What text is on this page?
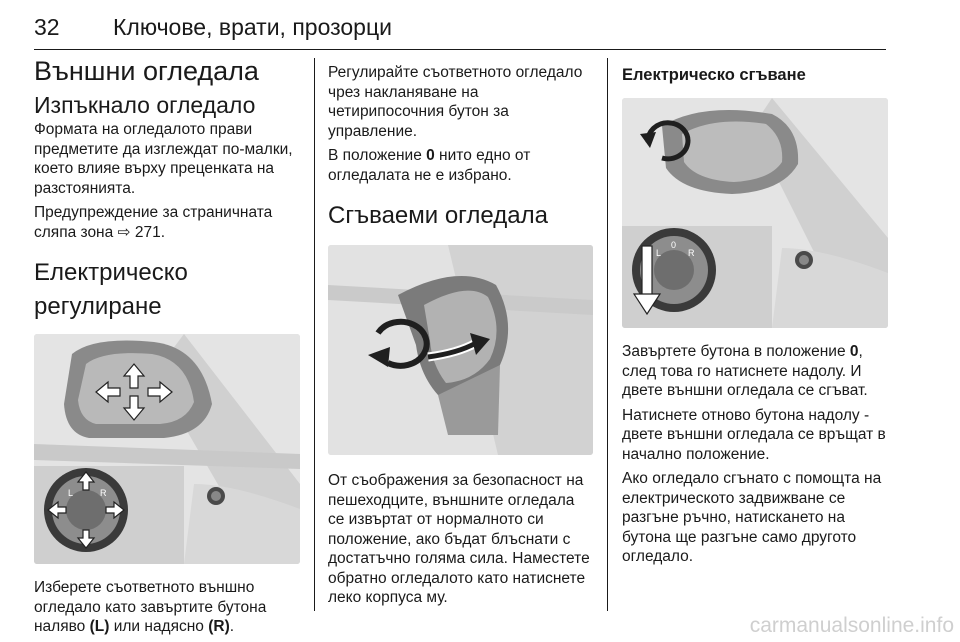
32 Ключове, врати, прозорци
Външни огледала
Изпъкнало огледало

Формата на огледалото прави предметите да изглеждат по-малки, което влияе върху преценката на разстоянията.

Предупреждение за страничната сляпа зона ⇨ 271.

Електрическо регулиране
L	R

Изберете съответното външно огледало като завъртите бутона наляво (L) или надясно (R).

Регулирайте съответното огледало чрез накланяване на четирипосочния бутон за управление.

В положение 0 нито едно от огледалата не е избрано.

Сгъваеми огледала

От съображения за безопасност на пешеходците, външните огледала се извъртат от нормалното си положение, ако бъдат блъснати с достатъчно голяма сила. Наместете обратно огледалото като натиснете леко корпуса му.

Електрическо сгъване
L	R
0

Завъртете бутона в положение 0, след това го натиснете надолу. И двете външни огледала се сгъват.

Натиснете отново бутона надолу - двете външни огледала се връщат в начално положение.

Ако огледало сгънато с помощта на електрическото задвижване се разгъне ръчно, натискането на бутона ще разгъне само другото огледало.

carmanualsonline.info
